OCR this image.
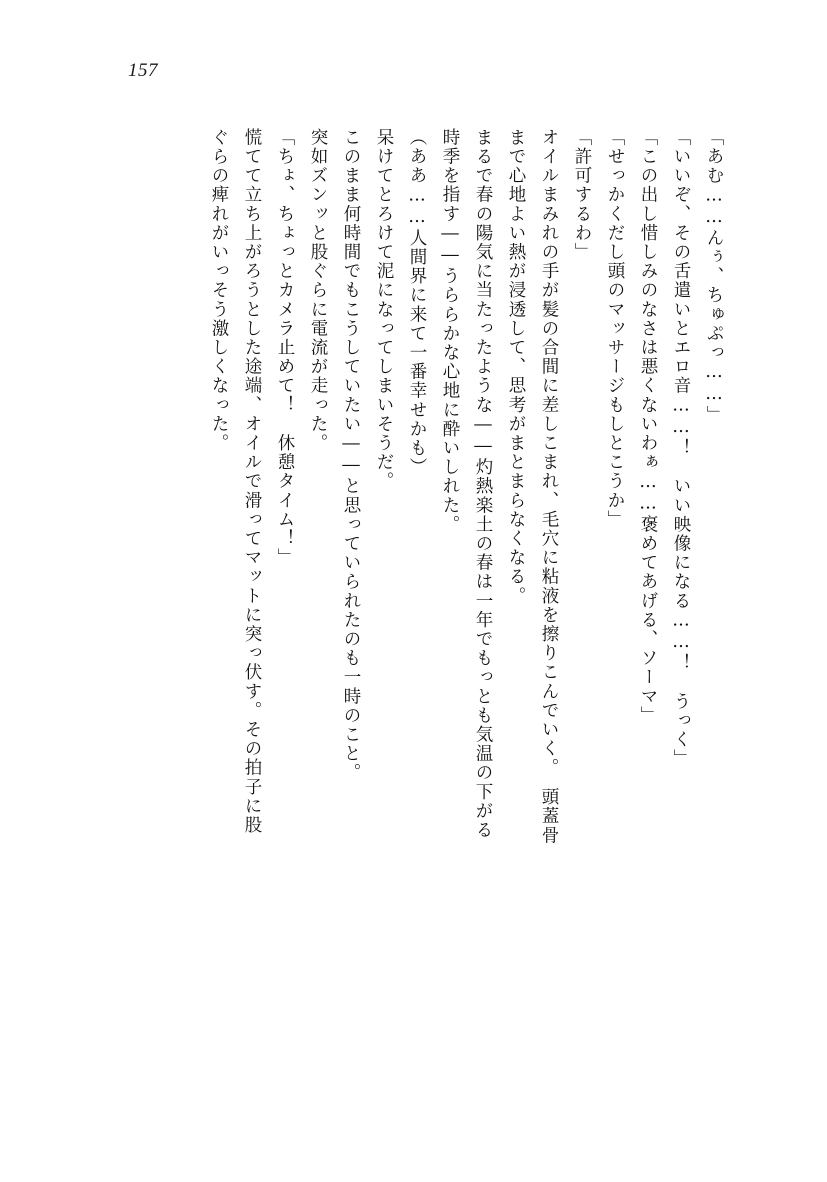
157
「あむ……んぅ、ちゅぷっ……」
「いいぞ、その舌遣いとエロ音……！　いい映像になる……！　うっく」
「この出し惜しみのなさは悪くないわぁ……褒めてあげる、ソーマ」
「せっかくだし頭のマッサージもしとこうか」
「許可するわ」
オイルまみれの手が髪の合間に差しこまれ、毛穴に粘液を擦りこんでいく。　頭蓋骨
まで心地よい熱が浸透して、思考がまとまらなくなる。
まるで春の陽気に当たったような――灼熱楽土の春は一年でもっとも気温の下がる
時季を指す――うららかな心地に酔いしれた。
（ああ……人間界に来て一番幸せかも）
呆けてとろけて泥になってしまいそうだ。
このまま何時間でもこうしていたい――と思っていられたのも一時のこと。
突如ズンッと股ぐらに電流が走った。
「ちょ、ちょっとカメラ止めて！　休憩タイム！」
慌てて立ち上がろうとした途端、オイルで滑ってマットに突っ伏す。その拍子に股
ぐらの痺れがいっそう激しくなった。
